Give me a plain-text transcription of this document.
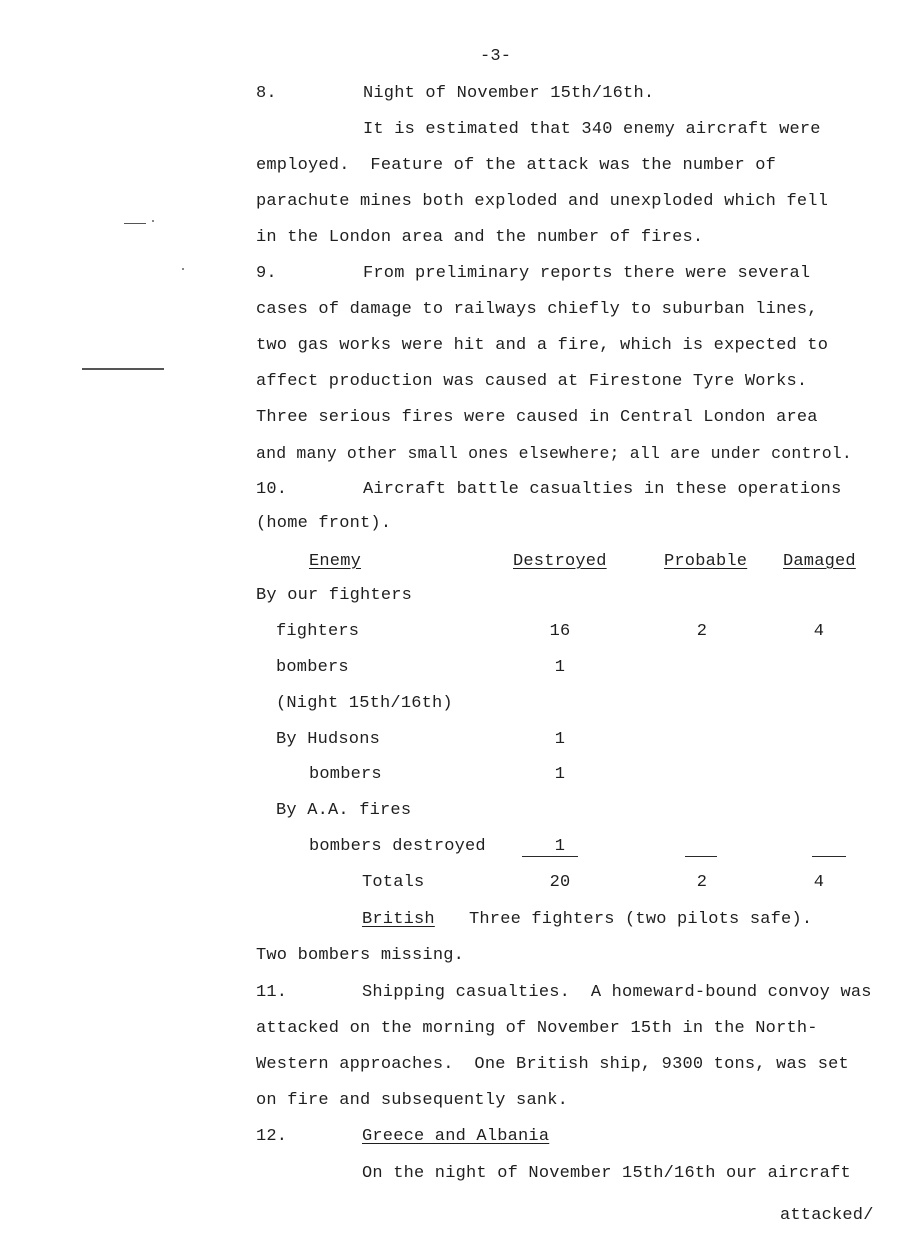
-3-
8.	Night of November 15th/16th.
It is estimated that 340 enemy aircraft were
employed.  Feature of the attack was the number of
parachute mines both exploded and unexploded which fell
in the London area and the number of fires.
9.	From preliminary reports there were several
cases of damage to railways chiefly to suburban lines,
two gas works were hit and a fire, which is expected to
affect production was caused at Firestone Tyre Works.
Three serious fires were caused in Central London area
and many other small ones elsewhere; all are under control.
10.	Aircraft battle casualties in these operations
(home front).
Enemy	Destroyed	Probable Damaged
By our fighters
fighters	16	2	4
bombers	1
(Night 15th/16th)
By Hudsons	1
bombers	1
By A.A. fires
bombers destroyed	1
Totals	20	2	4
British Three fighters (two pilots safe).
Two bombers missing.
11.	Shipping casualties.  A homeward-bound convoy was
attacked on the morning of November 15th in the North-
Western approaches.  One British ship, 9300 tons, was set
on fire and subsequently sank.
12.	Greece and Albania
On the night of November 15th/16th our aircraft
attacked/
